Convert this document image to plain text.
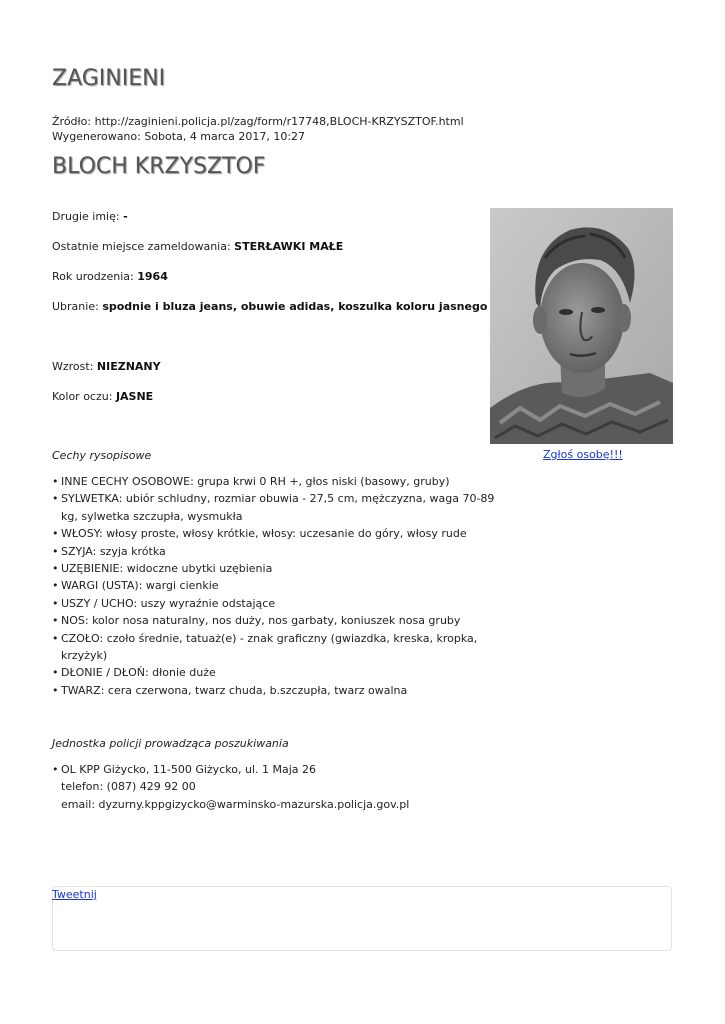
ZAGINIENI
Źródło: http://zaginieni.policja.pl/zag/form/r17748,BLOCH-KRZYSZTOF.html
Wygenerowano: Sobota, 4 marca 2017, 10:27
BLOCH KRZYSZTOF
Drugie imię: -
Ostatnie miejsce zameldowania: STERŁAWKI MAŁE
Rok urodzenia: 1964
Ubranie: spodnie i bluza jeans, obuwie adidas, koszulka koloru jasnego
Wzrost: NIEZNANY
Kolor oczu: JASNE
Zgłoś osobę!!!
Cechy rysopisowe
• INNE CECHY OSOBOWE: grupa krwi 0 RH +, głos niski (basowy, gruby)
• SYLWETKA: ubiór schludny, rozmiar obuwia - 27,5 cm, mężczyzna, waga 70-89 kg, sylwetka szczupła, wysmukła
• WŁOSY: włosy proste, włosy krótkie, włosy: uczesanie do góry, włosy rude
• SZYJA: szyja krótka
• UZĘBIENIE: widoczne ubytki uzębienia
• WARGI (USTA): wargi cienkie
• USZY / UCHO: uszy wyraźnie odstające
• NOS: kolor nosa naturalny, nos duży, nos garbaty, koniuszek nosa gruby
• CZOŁO: czoło średnie, tatuaż(e) - znak graficzny (gwiazdka, kreska, kropka, krzyżyk)
• DŁONIE / DŁOŃ: dłonie duże
• TWARZ: cera czerwona, twarz chuda, b.szczupła, twarz owalna
Jednostka policji prowadząca poszukiwania
• OL KPP Giżycko, 11-500 Giżycko, ul. 1 Maja 26
telefon: (087) 429 92 00
email: dyzurny.kppgizycko@warminsko-mazurska.policja.gov.pl
Tweetnij
